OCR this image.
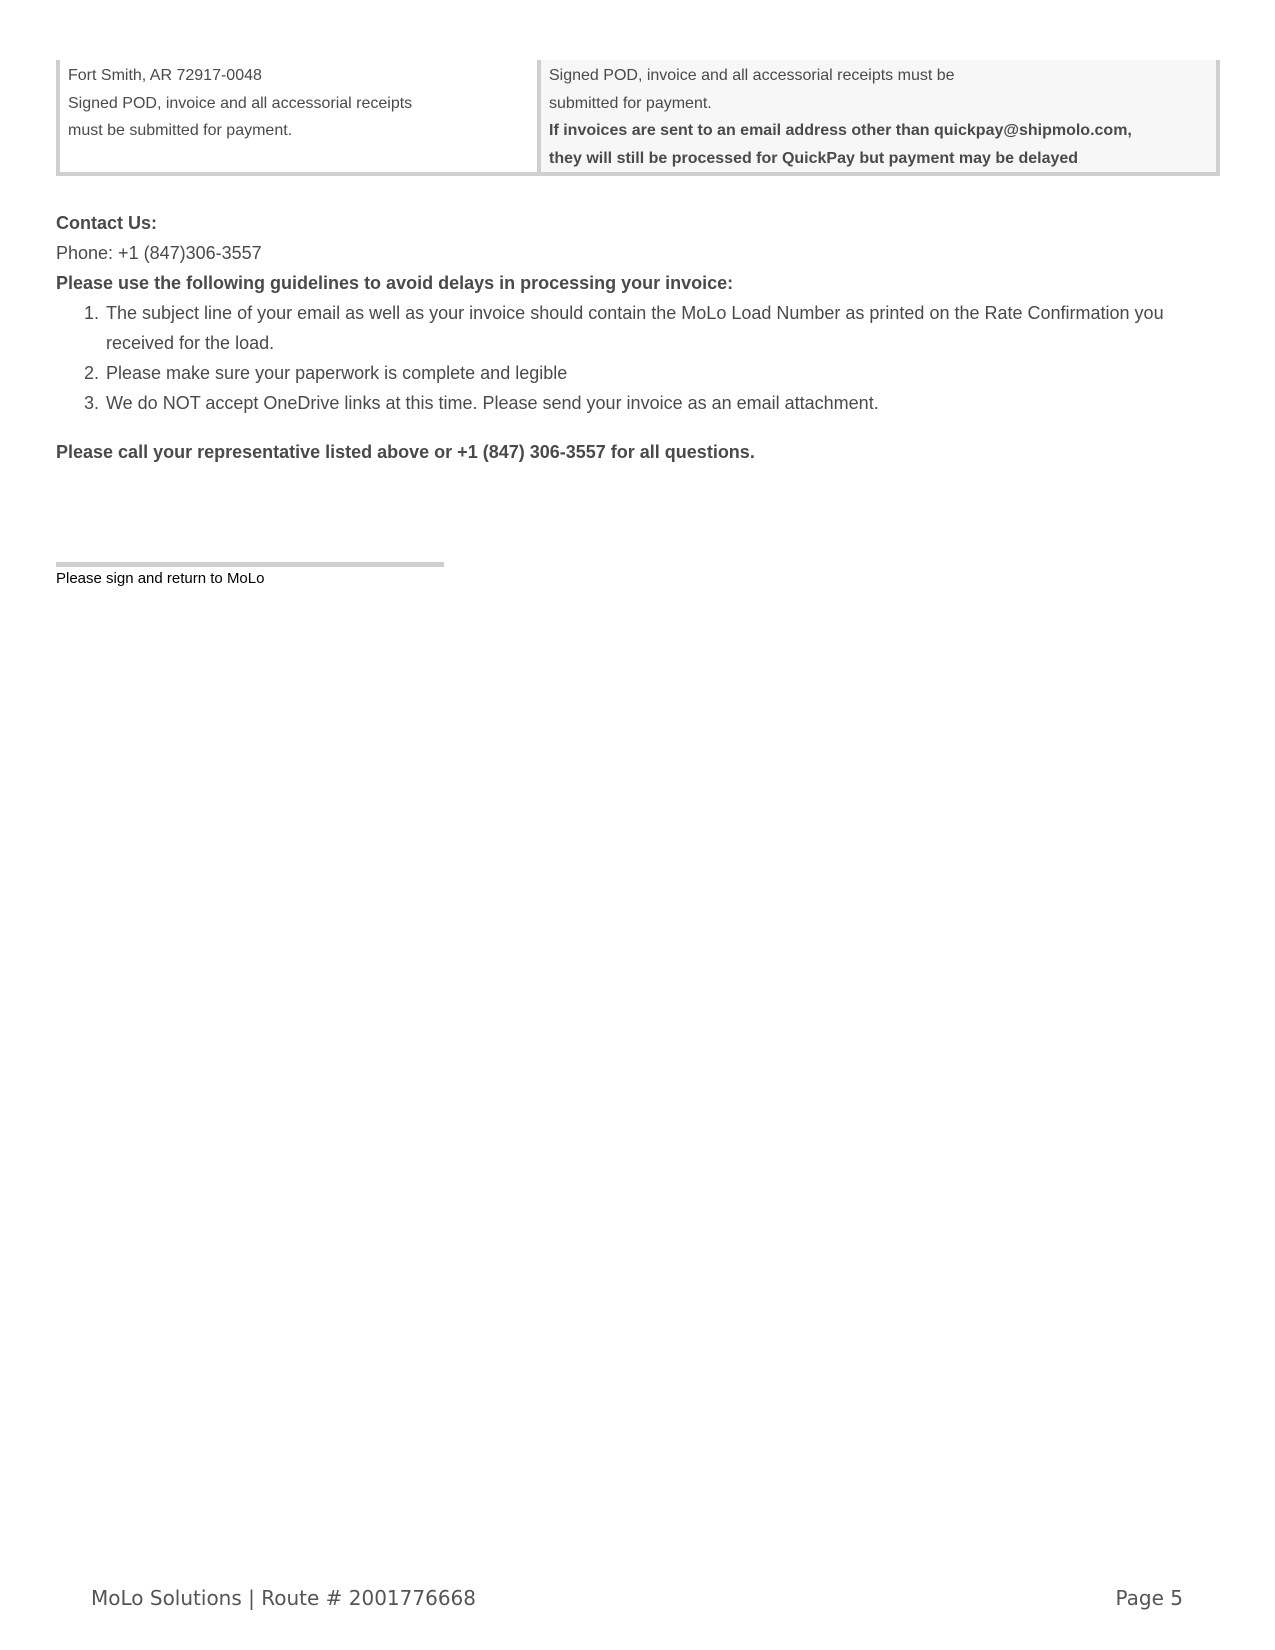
Fort Smith, AR 72917-0048
Signed POD, invoice and all accessorial receipts
must be submitted for payment.
Signed POD, invoice and all accessorial receipts must be
submitted for payment.
If invoices are sent to an email address other than quickpay@shipmolo.com,
they will still be processed for QuickPay but payment may be delayed
Contact Us:
Phone: +1 (847)306-3557
Please use the following guidelines to avoid delays in processing your invoice:
The subject line of your email as well as your invoice should contain the MoLo Load Number as printed on the Rate Confirmation you received for the load.
Please make sure your paperwork is complete and legible
We do NOT accept OneDrive links at this time. Please send your invoice as an email attachment.
Please call your representative listed above or +1 (847) 306-3557 for all questions.
Please sign and return to MoLo
MoLo Solutions | Route # 2001776668	Page 5
